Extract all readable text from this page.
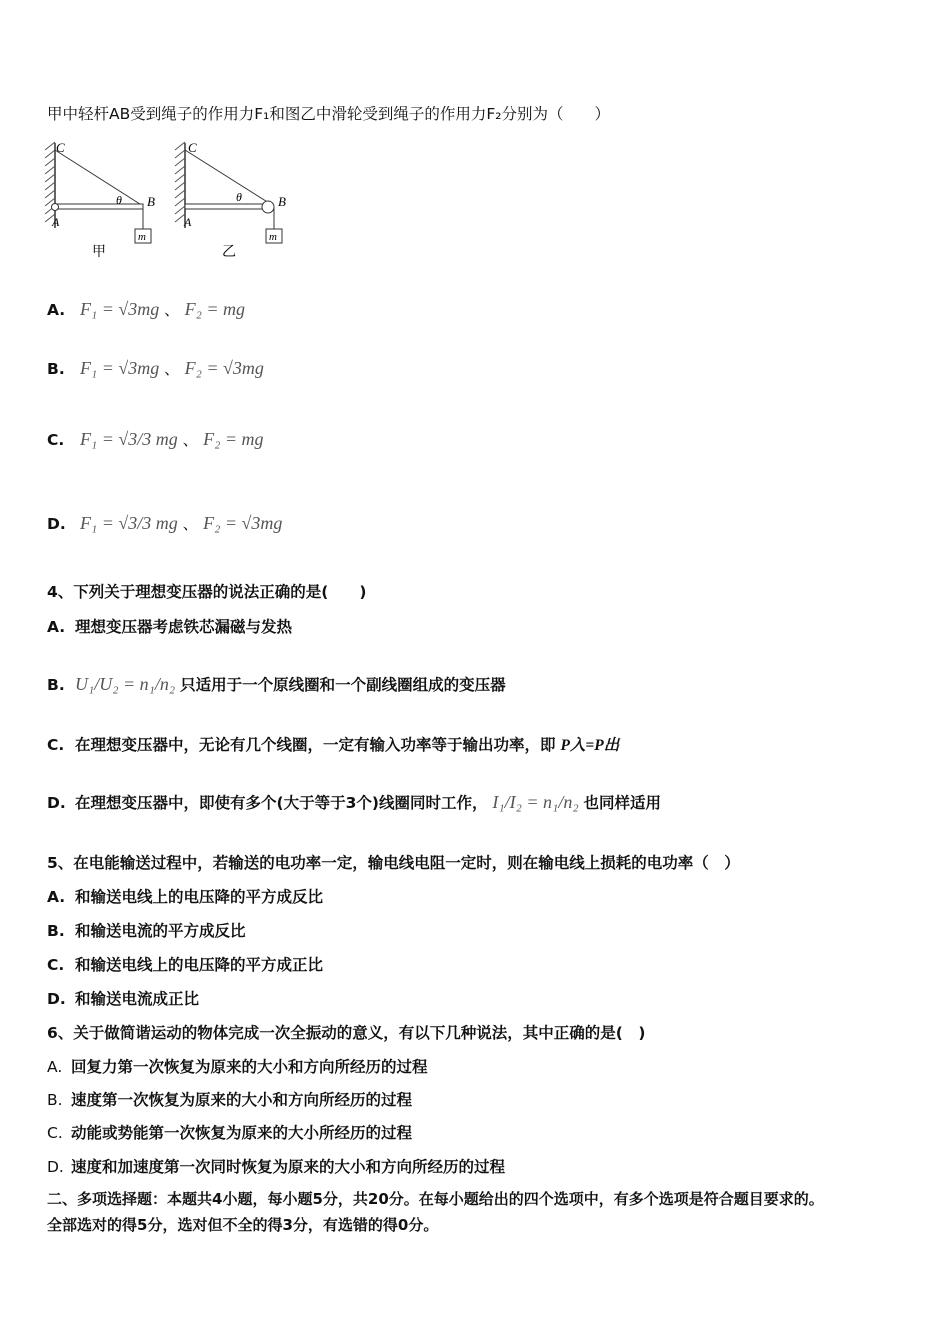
甲中轻杆AB受到绳子的作用力F₁和图乙中滑轮受到绳子的作用力F₂分别为（　　）
C
A
B
θ
m
甲
C
A
B
θ
m
乙
A. F₁ = √3mg 、 F₂ = mg
B. F₁ = √3mg 、 F₂ = √3mg
C. F₁ = √3/3 mg 、 F₂ = mg
D. F₁ = √3/3 mg 、 F₂ = √3mg
4、下列关于理想变压器的说法正确的是(　　)
A. 理想变压器考虑铁芯漏磁与发热
B. U₁/U₂ = n₁/n₂ 只适用于一个原线圈和一个副线圈组成的变压器
C. 在理想变压器中，无论有几个线圈，一定有输入功率等于输出功率，即 P入=P出
D. 在理想变压器中，即使有多个(大于等于3个)线圈同时工作， I₁/I₂ = n₁/n₂ 也同样适用
5、在电能输送过程中，若输送的电功率一定，输电线电阻一定时，则在输电线上损耗的电功率（　）
A. 和输送电线上的电压降的平方成反比
B. 和输送电流的平方成反比
C. 和输送电线上的电压降的平方成正比
D. 和输送电流成正比
6、关于做简谐运动的物体完成一次全振动的意义，有以下几种说法，其中正确的是(　)
A. 回复力第一次恢复为原来的大小和方向所经历的过程
B. 速度第一次恢复为原来的大小和方向所经历的过程
C. 动能或势能第一次恢复为原来的大小所经历的过程
D. 速度和加速度第一次同时恢复为原来的大小和方向所经历的过程
二、多项选择题：本题共4小题，每小题5分，共20分。在每小题给出的四个选项中，有多个选项是符合题目要求的。
全部选对的得5分，选对但不全的得3分，有选错的得0分。
